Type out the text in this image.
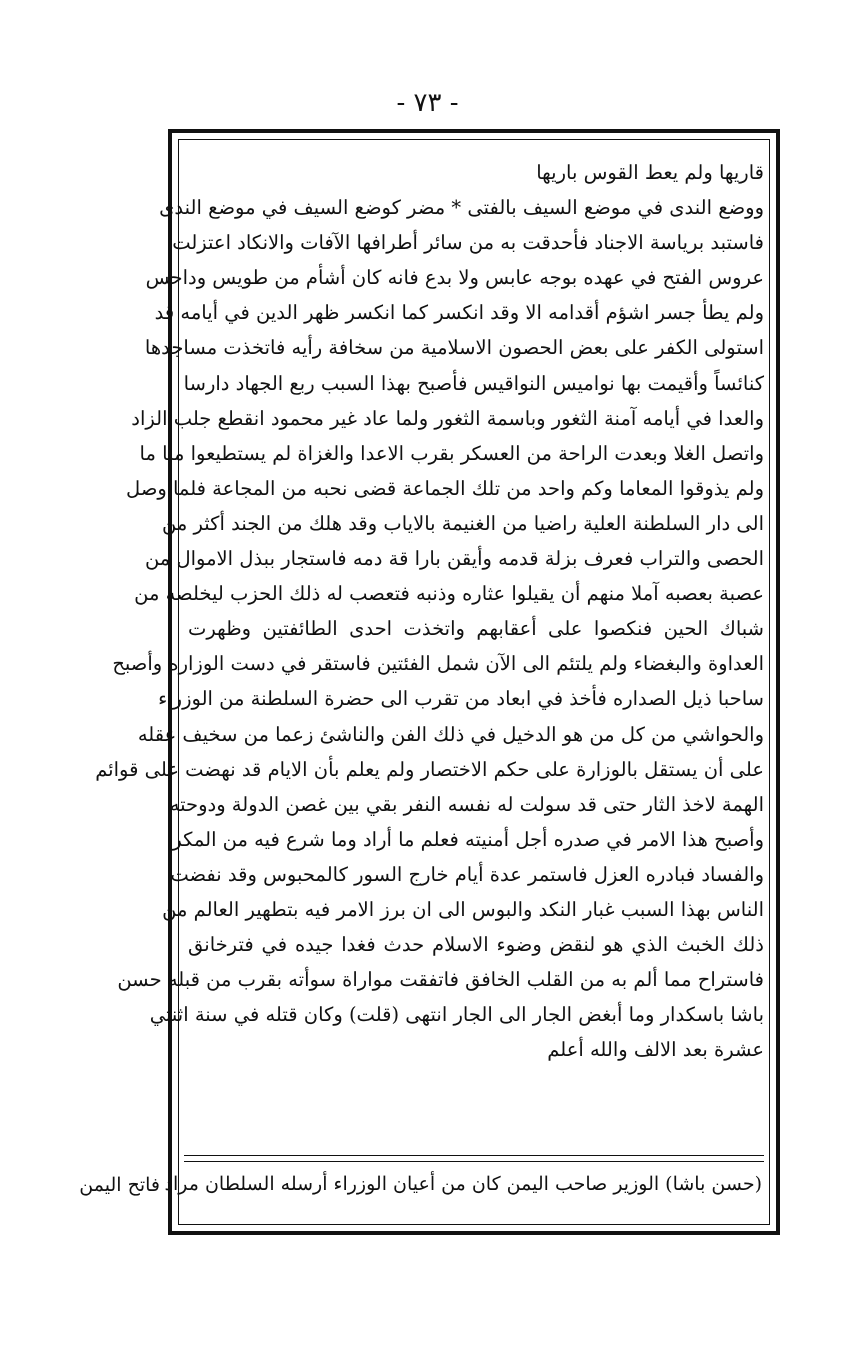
- ٧٣ -
قاريها ولم يعط القوس باريها
ووضع الندى في موضع السيف بالفتى * مضر كوضع السيف في موضع الندى
فاستبد برياسة الاجناد فأحدقت به من سائر أطرافها الآفات والانكاد اعتزلت
عروس الفتح في عهده بوجه عابس ولا بدع فانه كان أشأم من طويس وداحس
ولم يطأ جسر اشؤم أقدامه الا وقد انكسر كما انكسر ظهر الدين في أيامه قد
استولى الكفر على بعض الحصون الاسلامية من سخافة رأيه فاتخذت مساجدها
كنائساً وأقيمت بها نواميس النواقيس فأصبح بهذا السبب ربع الجهاد دارسا
والعدا في أيامه آمنة الثغور وباسمة الثغور ولما عاد غير محمود انقطع جلب الزاد
واتصل الغلا وبعدت الراحة من العسكر بقرب الاعدا والغزاة لم يستطيعوا منا ما
ولم يذوقوا المعاما وكم واحد من تلك الجماعة قضى نحبه من المجاعة فلما وصل
الى دار السلطنة العلية راضيا من الغنيمة بالاياب وقد هلك من الجند أكثر من
الحصى والتراب فعرف بزلة قدمه وأيقن بارا قة دمه فاستجار ببذل الاموال من
عصبة بعصبه آملا منهم أن يقيلوا عثاره وذنبه فتعصب له ذلك الحزب ليخلصه من
شباك الحين فنكصوا على أعقابهم واتخذت احدى الطائفتين وظهرت
العداوة والبغضاء ولم يلتئم الى الآن شمل الفئتين فاستقر في دست الوزاره وأصبح
ساحبا ذيل الصداره فأخذ في ابعاد من تقرب الى حضرة السلطنة من الوزراء
والحواشي من كل من هو الدخيل في ذلك الفن والناشئ زعما من سخيف عقله
على أن يستقل بالوزارة على حكم الاختصار ولم يعلم بأن الايام قد نهضت على قوائم
الهمة لاخذ الثار حتى قد سولت له نفسه النفر بقي بين غصن الدولة ودوحته
وأصبح هذا الامر في صدره أجل أمنيته فعلم ما أراد وما شرع فيه من المكر
والفساد فبادره العزل فاستمر عدة أيام خارج السور كالمحبوس وقد نفضت
الناس بهذا السبب غبار النكد والبوس الى ان برز الامر فيه بتطهير العالم من
ذلك الخبث الذي هو لنقض وضوء الاسلام حدث فغدا جيده في فترخانق
فاستراح مما ألم به من القلب الخافق فاتفقت مواراة سوأته بقرب من قبله حسن
باشا باسكدار وما أبغض الجار الى الجار انتهى (قلت) وكان قتله في سنة اثنتي
عشرة بعد الالف والله أعلم
(حسن باشا) الوزير صاحب اليمن كان من أعيان الوزراء أرسله السلطان مراد
فاتح اليمن
